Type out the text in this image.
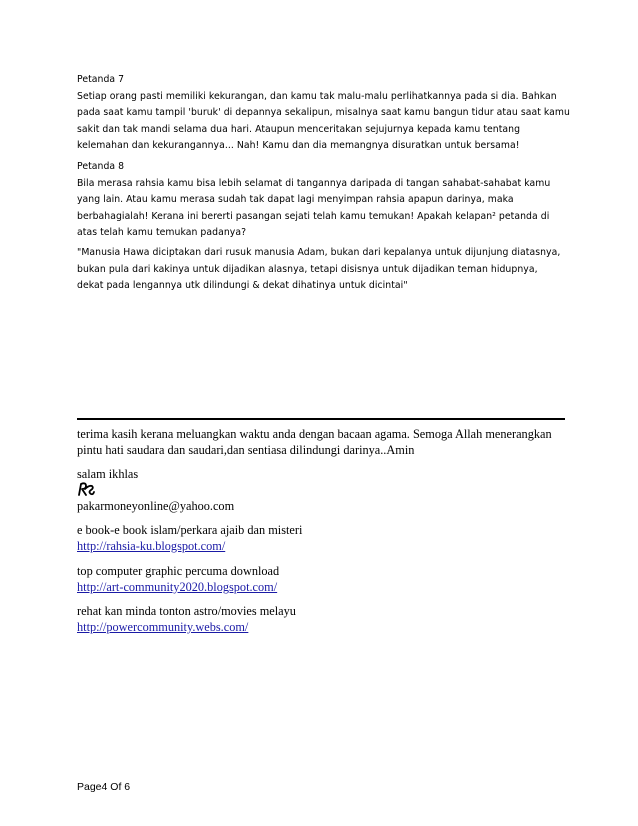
Petanda 7

Setiap orang pasti memiliki kekurangan, dan kamu tak malu-malu perlihatkannya pada si dia. Bahkan

pada saat kamu tampil 'buruk' di depannya sekalipun, misalnya saat kamu bangun tidur atau saat kamu

sakit dan tak mandi selama dua hari. Ataupun menceritakan sejujurnya kepada kamu tentang

kelemahan dan kekurangannya... Nah! Kamu dan dia memangnya disuratkan untuk bersama!

Petanda 8

Bila merasa rahsia kamu bisa lebih selamat di tangannya daripada di tangan sahabat-sahabat kamu

yang lain. Atau kamu merasa sudah tak dapat lagi menyimpan rahsia apapun darinya, maka

berbahagialah! Kerana ini bererti pasangan sejati telah kamu temukan! Apakah kelapan² petanda di

atas telah kamu temukan padanya?

"Manusia Hawa diciptakan dari rusuk manusia Adam, bukan dari kepalanya untuk dijunjung diatasnya,

bukan pula dari kakinya untuk dijadikan alasnya, tetapi disisnya untuk dijadikan teman hidupnya,

dekat pada lengannya utk dilindungi & dekat dihatinya untuk dicintai"

terima kasih kerana meluangkan waktu anda dengan bacaan agama. Semoga Allah menerangkan

pintu hati saudara dan saudari,dan sentiasa dilindungi darinya..Amin

salam ikhlas

pakarmoneyonline@yahoo.com

e book-e book islam/perkara ajaib dan misteri

http://rahsia-ku.blogspot.com/

top computer graphic percuma download

http://art-community2020.blogspot.com/

rehat kan minda tonton astro/movies melayu

http://powercommunity.webs.com/
Page4 Of 6
